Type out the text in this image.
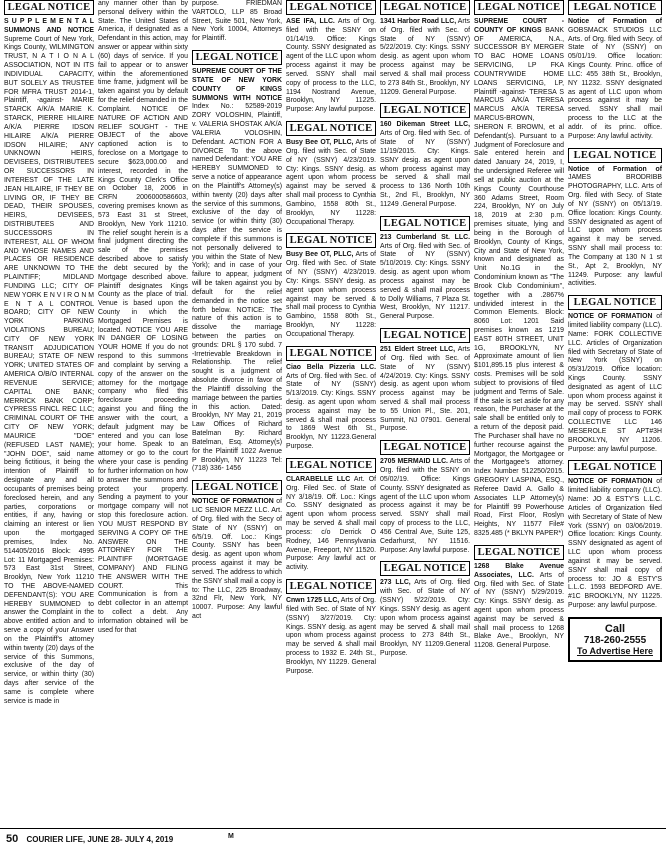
LEGAL NOTICE
S U P P L E M E N T A L SUMMONS AND NOTICE Supreme Court of New York, Kings County, WILMINGTON TRUST, N A T I O N A L ASSOCIATION, NOT IN ITS INDIVIDUAL CAPACITY, BUT SOLELY AS TRUSTEE FOR MFRA TRUST 2014-1, Plaintiff, -against- MARIE STARCK A/K/A MARIE K. STARCK, PIERRE HILAIRE A/K/A PIERRE IDSON HILAIRE A/K/A PIERRE IDSON HILAIRE; ANY UNKNOWN HEIRS, DEVISEES, DISTRIBUTEES OR SUCCESSORS IN INTEREST OF THE LATE JEAN HILAIRE, IF THEY BE LIVING OR, IF THEY BE DEAD, THEIR SPOUSES, HEIRS, DEVISEES, DISTRIBUTEES AND SUCCESSORS IN INTEREST, ALL OF WHOM AND WHOSE NAMES AND PLACES OR RESIDENCE ARE UNKNOWN TO THE PLAINTIFF; MIDLAND FUNDING LLC; CITY OF NEW YORK E N V I R O N M E N T A L CONTROL BOARD; CITY OF NEW YORK PARKING VIOLATIONS BUREAU; CITY OF NEW YORK TRANSIT ADJUDICATION BUREAU; STATE OF NEW YORK; UNITED STATES OF AMERICA O/B/O INTERNAL REVENUE SERVICE; CAPITAL ONE BANK; MERRICK BANK CORP; CYPRESS FINCL REC LLC; CRIMINAL COURT OF THE CITY OF NEW YORK; MAURICE "DOE" (REFUSED LAST NAME); "JOHN DOE", said name being fictitious, it being the intention of Plaintiff to designate any and all occupants of premises being foreclosed herein, and any parties, corporations or entities, if any, having or claiming an interest or lien upon the mortgaged premises, Index No. 514405/2016 Block: 4995 Lot: 11 Mortgaged Premises: 573 East 31st Street, Brooklyn, New York 11210 TO THE ABOVE-NAMED DEFENDANT(S): YOU ARE HEREBY SUMMONED to answer the Complaint in the above entitled action and to serve a copy of your Answer on the Plaintiff's attorney within twenty (20) days of the service of this Summons, exclusive of the day of service, or within thirty (30) days after service of the same is complete where service is made in
any manner other than by personal delivery within the State. The United States of America, if designated as a Defendant in this action, may answer or appear within sixty (60) days of service. If you fail to appear or to answer within the aforementioned time frame, judgment will be taken against you by default for the relief demanded in the Complaint. NOTICE OF NATURE OF ACTION AND RELIEF SOUGHT - THE OBJECT of the above captioned action is to foreclose on a Mortgage to secure $623,000.00 and interest, recorded in the Kings County Clerk's Office on October 18, 2006 in CRFN 2006000586603, covering premises known as 573 East 31 st Street, Brooklyn, New York 11210. The relief sought herein is a final judgment directing the sale of the premises described above to satisfy the debt secured by the Mortgage described above. Plaintiff designates Kings County as the place of trial. Venue is based upon the County in which the Mortgaged Premises is located. NOTICE YOU ARE IN DANGER OF LOSING YOUR HOME If you do not respond to this summons and complaint by serving a copy of the answer on the attorney for the mortgage company who filed this foreclosure proceeding against you and filing the answer with the court, a default judgment may be entered and you can lose your home. Speak to an attorney or go to the court where your case is pending for further information on how to answer the summons and protect your property. Sending a payment to your mortgage company will not stop this foreclosure action. YOU MUST RESPOND BY SERVING A COPY OF THE ANSWER ON THE ATTORNEY FOR THE PLAINTIFF (MORTGAGE COMPANY) AND FILING THE ANSWER WITH THE COURT. This Communication is from a debt collector in an attempt to collect a debt. Any information obtained will be used for that
purpose. FRIEDMAN VARTOLO, LLP 85 Broad Street, Suite 501, New York, New York 10004, Attorneys for Plaintiff.
LEGAL NOTICE
SUPREME COURT OF THE STATE OF NEW YORK COUNTY OF KINGS SUMMONS WITH NOTICE Index No.: 52589-2019 ZORY VOLOSHIN, Plaintiff, v. VALERIA SHOSTAK A/K/A VALERIA VOLOSHIN, Defendant. ACTION FOR A DIVORCE To the above named Defendant: YOU ARE HEREBY SUMMONED to serve a notice of appearance on the Plaintiff's Attorney(s) within twenty (20) days after the service of this summons, exclusive of the day of service (or within thirty (30) days after the service is complete if this summons is not personally delivered to you within the State of New York); and in case of your failure to appear, judgment will be taken against you by default for the relief demanded in the notice set forth below. NOTICE: The nature of this action is to dissolve the marriage between the parties on grounds: DRL § 170 subd. 7 -Irretrievable Breakdown in Relationship. The relief sought is a judgment of absolute divorce in favor of the Plaintiff dissolving the marriage between the parties in this action. Dated: Brooklyn, NY May 21, 2019 Law Offices of Richard Batelman By: Richard Batelman, Esq. Attorney(s) for the Plaintiff 1022 Avenue P Brooklyn, NY 11223 Tel: (718) 336- 1456
LEGAL NOTICE
NOTICE OF FORMATION of LIC SENIOR MEZZ LLC. Art. of Org. filed with the Secy of State of NY (SSNY) on 6/5/19. Off. Loc.: Kings County. SSNY has been desig. as agent upon whom process against it may be served. The address to which the SSNY shall mail a copy is to: The LLC, 225 Broadway, 32nd Flr, New York, NY 10007. Purpose: Any lawful act
LEGAL NOTICE
ASE IFA, LLC. Arts of Org. filed with the SSNY on 01/14/19. Office: Kings County. SSNY designated as agent of the LLC upon whom process against it may be served. SSNY shall mail copy of process to the LLC, 1194 Nostrand Avenue, Brooklyn, NY 11225. Purpose: Any lawful purpose.
LEGAL NOTICE
Busy Bee OT, PLLC, Arts of Org. filed with Sec. of State of NY (SSNY) 4/23/2019. Cty: Kings. SSNY desig. as agent upon whom process against may be served & shall mail process to Cynthia Gambino, 1558 80th St., Brooklyn, NY 11228: Occupational Therapy.
LEGAL NOTICE
Busy Bee OT, PLLC, Arts of Org. filed with Sec. of State of NY (SSNY) 4/23/2019. Cty: Kings. SSNY desig. as agent upon whom process against may be served & shall mail process to Cynthia Gambino, 1558 80th St., Brooklyn, NY 11228: Occupational Therapy.
LEGAL NOTICE
Ciao Bella Pizzeria LLC. Arts of Org. filed with Sec. of State of NY (SSNY) 5/13/2019. Cty: Kings. SSNY desig. as agent upon whom process against may be served & shall mail process to 1869 West 6th St., Brooklyn, NY 11223.General Purpose.
LEGAL NOTICE
CLARABELLE LLC Art. Of Org. Filed Sec. of State of NY 3/18/19. Off. Loc.: Kings Co. SSNY designated as agent upon whom process may be served & shall mail process: c/o Derrick O Rodney, 146 Pennsylvania Avenue, Freeport, NY 11520. Purpose: Any lawful act or activity.
LEGAL NOTICE
Cnwn 1725 LLC, Arts of Org. filed with Sec. of State of NY (SSNY) 3/27/2019. Cty: Kings. SSNY desig. as agent upon whom process against may be served & shall mail process to 1932 E. 24th St., Brooklyn, NY 11229. General Purpose.
LEGAL NOTICE
1341 Harbor Road LLC, Arts of Org. filed with Sec. of State of NY (SSNY) 5/22/2019. Cty: Kings. SSNY desig. as agent upon whom process against may be served & shall mail process to 273 84th St., Brooklyn, NY 11209. General Purpose.
LEGAL NOTICE
160 Dikeman Street LLC, Arts of Org. filed with Sec. of State of NY (SSNY) 11/19/2015. Cty: Kings. SSNY desig. as agent upon whom process against may be served & shall mail process to 136 North 10th St., 2nd Fl., Brooklyn, NY 11249 .General Purpose.
LEGAL NOTICE
213 Cumberland St. LLC. Arts of Org. filed with Sec. of State of NY (SSNY) 5/10/2019. Cty: Kings. SSNY desig. as agent upon whom process against may be served & shall mail process to Dolly Williams, 7 Plaza St. West, Brooklyn, NY 11217. General Purpose.
LEGAL NOTICE
251 Eldert Street LLC, Arts of Org. filed with Sec. of State of NY (SSNY) 4/24/2019. Cty: Kings. SSNY desig. as agent upon whom process against may be served & shall mail process to 55 Union Pl., Ste. 201, Summit, NJ 07901. General Purpose.
LEGAL NOTICE
2705 MERMAID LLC. Arts of Org. filed with the SSNY on 05/02/19. Office: Kings County. SSNY designated as agent of the LLC upon whom process against it may be served. SSNY shall mail copy of process to the LLC, 456 Central Ave, Suite 125, Cedarhurst, NY 11516. Purpose: Any lawful purpose.
LEGAL NOTICE
273 LLC, Arts of Org. filed with Sec. of State of NY (SSNY) 5/22/2019. Cty: Kings. SSNY desig. as agent upon whom process against may be served & shall mail process to 273 84th St., Brooklyn, NY 11209.General Purpose.
LEGAL NOTICE
SUPREME COURT - COUNTY OF KINGS BANK OF AMERICA, N.A., SUCCESSOR BY MERGER TO BAC HOME LOANS SERVICING, LP FKA COUNTRYWIDE HOME LOANS SERVICING, LP, Plaintiff -against- TERESA S MARCUS A/K/A TERESA MARCUS A/K/A TERESA MARCUS-BROWN, SHERON F. BROWN, et al Defendant(s). Pursuant to a Judgment of Foreclosure and Sale entered herein and dated January 24, 2019, I, the undersigned Referee will sell at public auction at the Kings County Courthouse 360 Adams Street, Room 224, Brooklyn, NY on July 18, 2019 at 2:30 p.m. premises situate, lying and being in the Borough of Brooklyn, County of Kings, City and State of New York, known and designated as Unit No.1G in the Condominium known as "The Brook Club Condominium", together with a .2867% undivided interest in the Common Elements. Block: 8060 Lot: 1201 Said premises known as 1219 EAST 80TH STREET, UNIT 1G, BROOKLYN, NY Approximate amount of lien $101,895.15 plus interest & costs. Premises will be sold subject to provisions of filed judgment and Terms of Sale. If the sale is set aside for any reason, the Purchaser at the sale shall be entitled only to a return of the deposit paid. The Purchaser shall have no further recourse against the Mortgagor, the Mortgagee or the Mortgagee's attorney. Index Number 512250/2015. GREGORY LASPINA, ESQ., Referee David A. Gallo & Associates LLP Attorney(s) for Plaintiff 99 Powerhouse Road, First Floor, Roslyn Heights, NY 11577 File# 8325.485 (* BKLYN PAPER*)
LEGAL NOTICE
1268 Blake Avenue Associates, LLC. Arts of Org. filed with Sec. of State of NY (SSNY) 5/29/2019. Cty: Kings. SSNY desig. as agent upon whom process against may be served & shall mail process to 1268 Blake Ave., Brooklyn, NY 11208. General Purpose.
LEGAL NOTICE
Notice of Formation of GOBSMACK STUDIOS LLC Arts. of Org. filed with Secy. of State of NY (SSNY) on 05/01/19. Office location: Kings County. Princ. office of LLC: 455 38th St., Brooklyn, NY 11232. SSNY designated as agent of LLC upon whom process against it may be served. SSNY shall mail process to the LLC at the addr. of its princ. office. Purpose: Any lawful activity.
LEGAL NOTICE
Notice of Formation of JAMES BRODRIBB PHOTOGRAPHY, LLC. Arts of Org. filed with Secy. of State of NY (SSNY) on 05/13/19. Office location: Kings County. SSNY designated as agent of LLC upon whom process against it may be served. SSNY shall mail process to: The Company at 130 N 1 st St., Apt 2, Brooklyn, NY 11249. Purpose: any lawful activities.
LEGAL NOTICE
NOTICE OF FORMATION of limited liability company (LLC). Name: FORK COLLECTIVE LLC. Articles of Organization filed with Secretary of State of New York (SSNY) on 05/31/2019. Office location: Kings County. SSNY designated as agent of LLC upon whom process against it may be served. SSNY shall mail copy of process to FORK COLLECTIVE LLC 146 MESEROLE ST APT#3H BROOKLYN, NY 11206. Purpose: any lawful purpose.
LEGAL NOTICE
NOTICE OF FORMATION of limited liability company (LLC). Name: JO & ESTY'S L.L.C. Articles of Organization filed with Secretary of State of New York (SSNY) on 03/06/2019. Office location: Kings County. SSNY designated as agent of LLC upon whom process against it may be served. SSNY shall mail copy of process to: JO & ESTY'S L.L.C. 1593 BEDFORD AVE. #1C BROOKLYN, NY 11225. Purpose: any lawful purpose.
Call
718-260-2555
To Advertise Here
50 COURIER LIFE, JUNE 28- JULY 4, 2019	M
